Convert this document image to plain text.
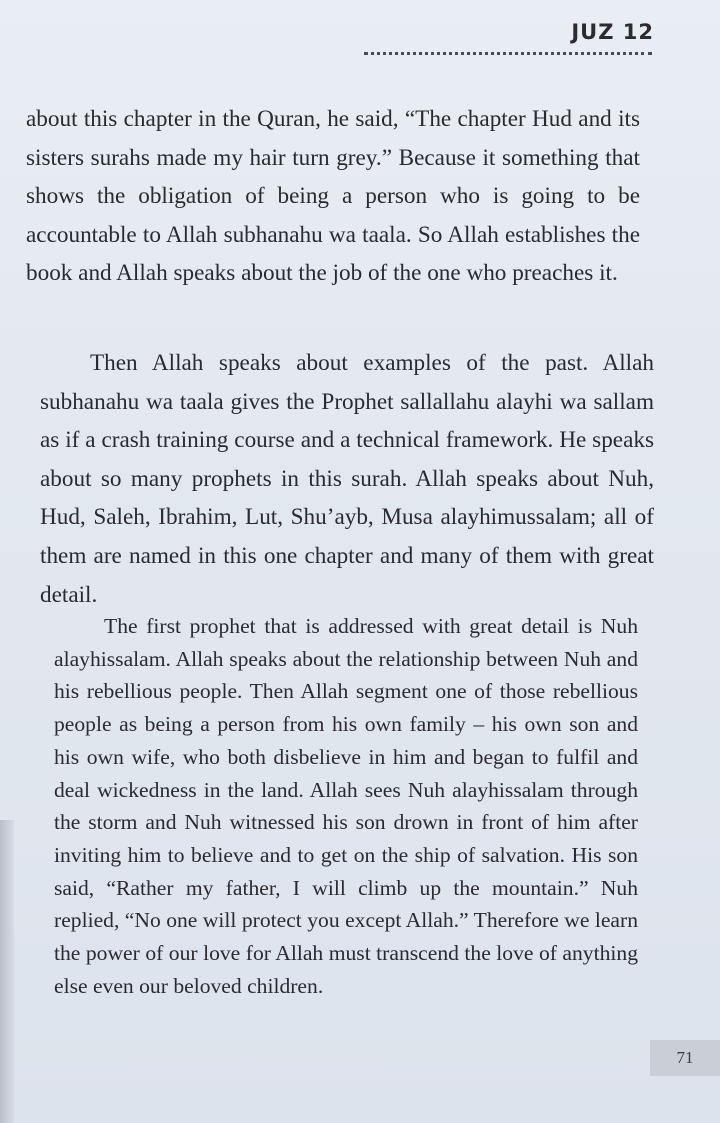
JUZ 12

about this chapter in the Quran, he said, “The chapter Hud and its sisters surahs made my hair turn grey.” Because it something that shows the obligation of being a person who is going to be accountable to Allah subhanahu wa taala. So Allah establishes the book and Allah speaks about the job of the one who preaches it.

Then Allah speaks about examples of the past. Allah subhanahu wa taala gives the Prophet sallallahu alayhi wa sallam as if a crash training course and a technical framework. He speaks about so many prophets in this surah. Allah speaks about Nuh, Hud, Saleh, Ibrahim, Lut, Shu’ayb, Musa alayhimussalam; all of them are named in this one chapter and many of them with great detail.

The first prophet that is addressed with great detail is Nuh alayhissalam. Allah speaks about the relationship between Nuh and his rebellious people. Then Allah segment one of those rebellious people as being a person from his own family – his own son and his own wife, who both disbelieve in him and began to fulfil and deal wickedness in the land. Allah sees Nuh alayhissalam through the storm and Nuh witnessed his son drown in front of him after inviting him to believe and to get on the ship of salvation. His son said, “Rather my father, I will climb up the mountain.” Nuh replied, “No one will protect you except Allah.” Therefore we learn the power of our love for Allah must transcend the love of anything else even our beloved children.

71
